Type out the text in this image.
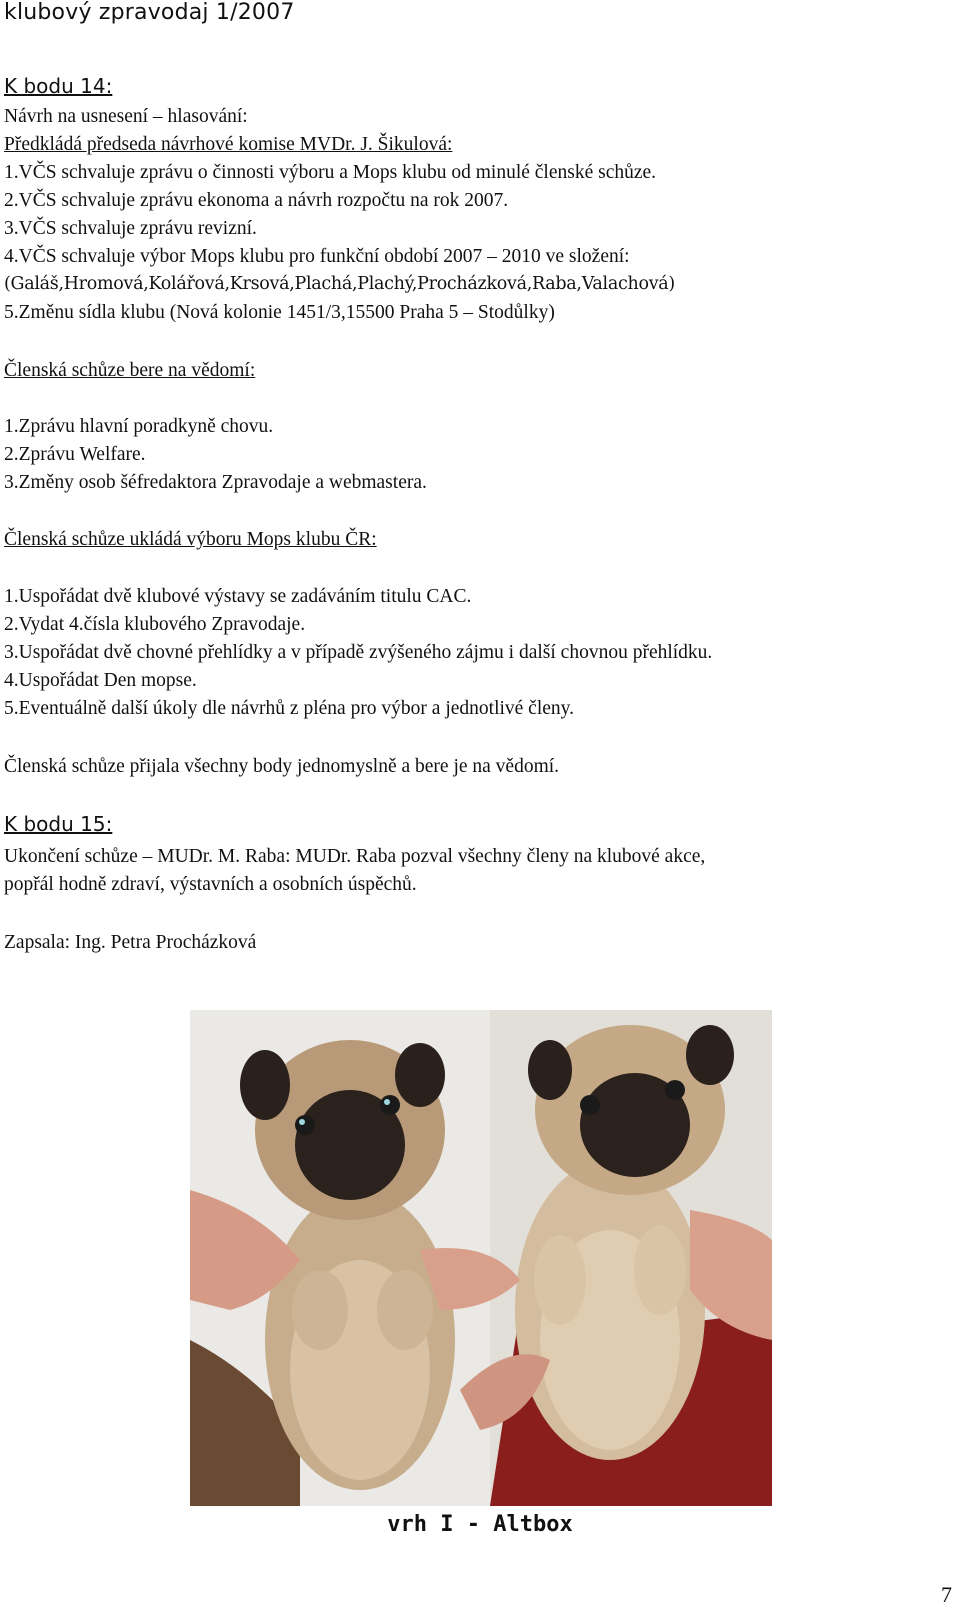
klubový zpravodaj 1/2007
K bodu 14:
Návrh na usnesení – hlasování:
Předkládá předseda návrhové komise MVDr. J. Šikulová:
1.VČS schvaluje zprávu o činnosti výboru a Mops klubu od minulé členské schůze.
2.VČS schvaluje zprávu ekonoma a návrh rozpočtu na rok 2007.
3.VČS schvaluje zprávu revizní.
4.VČS schvaluje výbor Mops klubu pro funkční období 2007 – 2010 ve složení:
(Galáš,Hromová,Kolářová,Krsová,Plachá,Plachý,Procházková,Raba,Valachová)
5.Změnu sídla klubu (Nová kolonie 1451/3,15500 Praha 5 – Stodůlky)
Členská schůze bere na vědomí:
1.Zprávu hlavní poradkyně chovu.
2.Zprávu Welfare.
3.Změny osob šéfredaktora Zpravodaje a webmastera.
Členská schůze ukládá výboru Mops klubu ČR:
1.Uspořádat dvě klubové výstavy se zadáváním titulu CAC.
2.Vydat 4.čísla klubového Zpravodaje.
3.Uspořádat dvě chovné přehlídky a v případě zvýšeného zájmu i další chovnou přehlídku.
4.Uspořádat Den mopse.
5.Eventuálně další úkoly dle návrhů z pléna pro výbor a jednotlivé členy.
Členská schůze přijala všechny body jednomyslně a bere je na vědomí.
K bodu 15:
Ukončení schůze – MUDr. M. Raba: MUDr. Raba pozval všechny členy na klubové akce,
popřál hodně zdraví, výstavních a osobních úspěchů.
Zapsala: Ing. Petra Procházková
vrh I - Altbox
7
